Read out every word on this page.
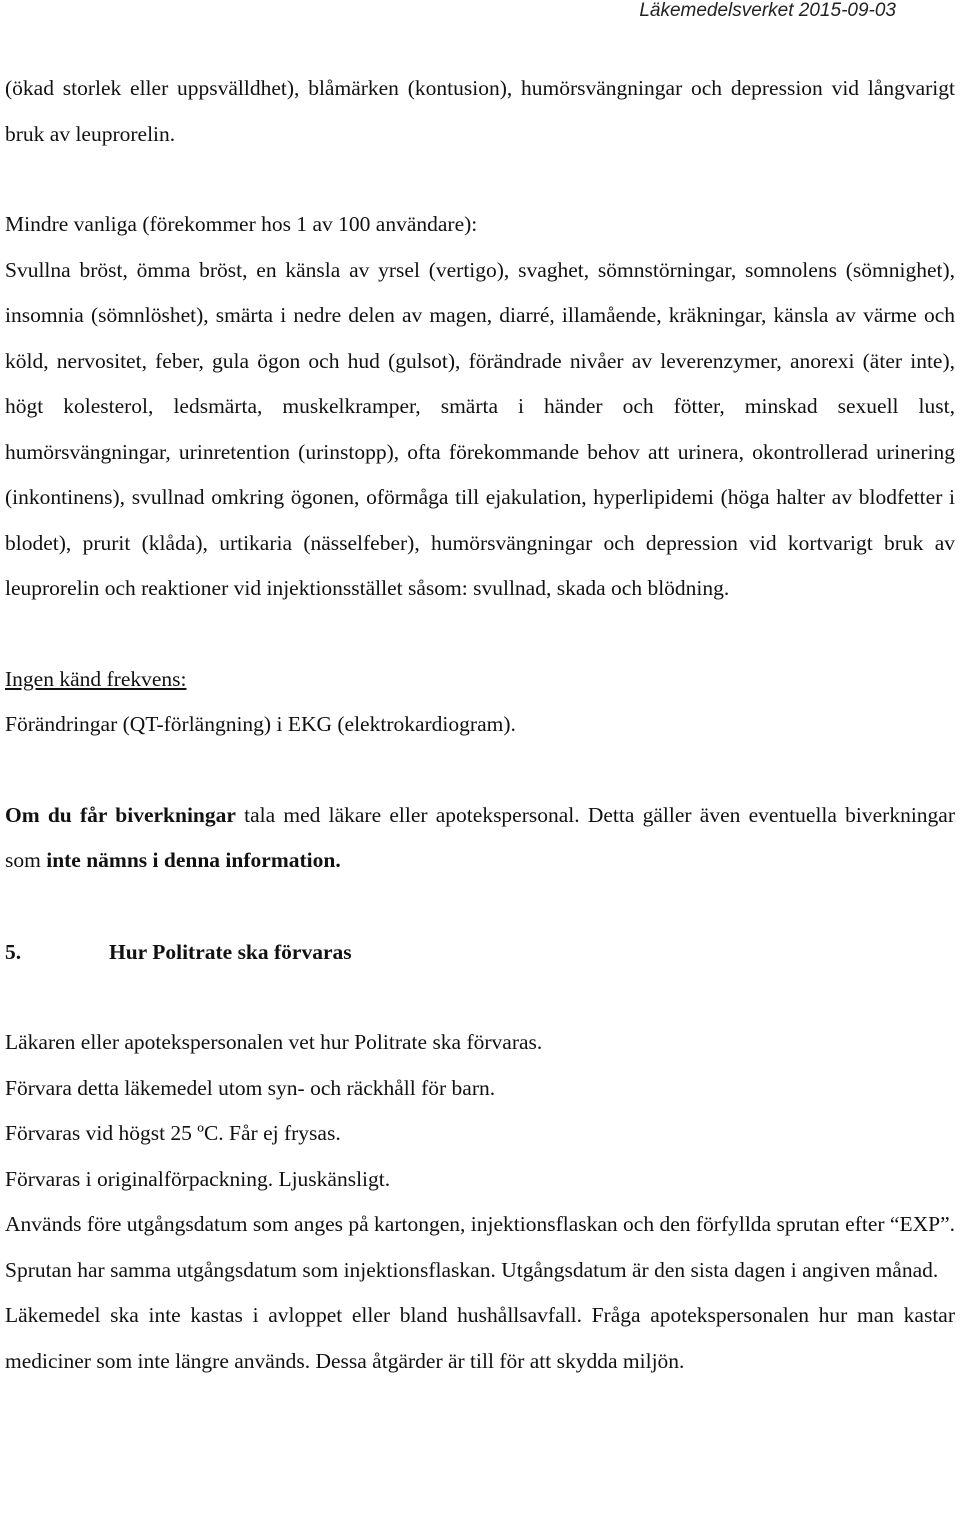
Läkemedelsverket 2015-09-03

(ökad storlek eller uppsvälldhet), blåmärken (kontusion), humörsvängningar och depression vid långvarigt bruk av leuprorelin.

Mindre vanliga (förekommer hos 1 av 100 användare):

Svullna bröst, ömma bröst, en känsla av yrsel (vertigo), svaghet, sömnstörningar, somnolens (sömnighet), insomnia (sömnlöshet), smärta i nedre delen av magen, diarré, illamående, kräkningar, känsla av värme och köld, nervositet, feber, gula ögon och hud (gulsot), förändrade nivåer av leverenzymer, anorexi (äter inte), högt kolesterol, ledsmärta, muskelkramper, smärta i händer och fötter, minskad sexuell lust, humörsvängningar, urinretention (urinstopp), ofta förekommande behov att urinera, okontrollerad urinering (inkontinens), svullnad omkring ögonen, oförmåga till ejakulation, hyperlipidemi (höga halter av blodfetter i blodet), prurit (klåda), urtikaria (nässelfeber), humörsvängningar och depression vid kortvarigt bruk av leuprorelin och reaktioner vid injektionsstället såsom: svullnad, skada och blödning.

Ingen känd frekvens:

Förändringar (QT-förlängning) i EKG (elektrokardiogram).

Om du får biverkningar tala med läkare eller apotekspersonal. Detta gäller även eventuella biverkningar som inte nämns i denna information.

5.	Hur Politrate ska förvaras

Läkaren eller apotekspersonalen vet hur Politrate ska förvaras.

Förvara detta läkemedel utom syn- och räckhåll för barn.

Förvaras vid högst 25 ºC. Får ej frysas.

Förvaras i originalförpackning. Ljuskänsligt.

Används före utgångsdatum som anges på kartongen, injektionsflaskan och den förfyllda sprutan efter “EXP”. Sprutan har samma utgångsdatum som injektionsflaskan. Utgångsdatum är den sista dagen i angiven månad.

Läkemedel ska inte kastas i avloppet eller bland hushållsavfall. Fråga apotekspersonalen hur man kastar mediciner som inte längre används. Dessa åtgärder är till för att skydda miljön.
